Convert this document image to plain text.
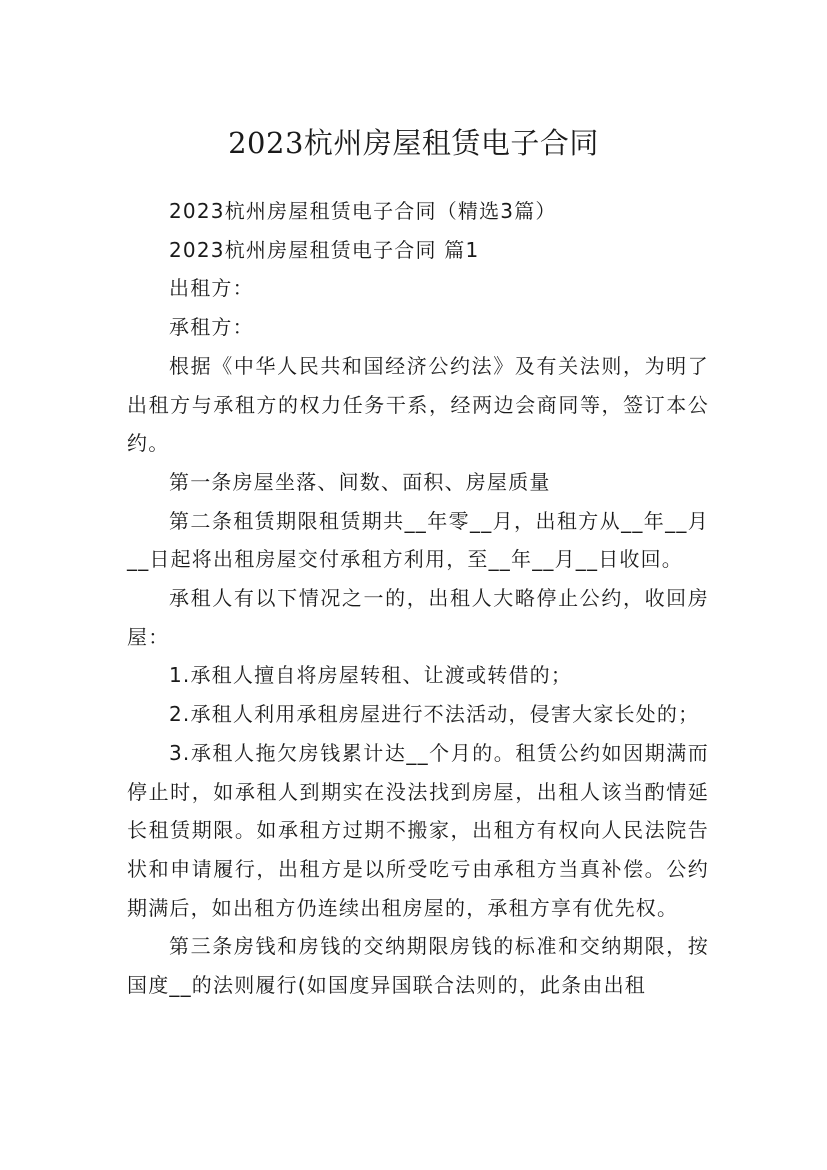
2023杭州房屋租赁电子合同

2023杭州房屋租赁电子合同（精选3篇）

2023杭州房屋租赁电子合同 篇1

出租方：

承租方：

根据《中华人民共和国经济公约法》及有关法则，为明了出租方与承租方的权力任务干系，经两边会商同等，签订本公约。

第一条房屋坐落、间数、面积、房屋质量

第二条租赁期限租赁期共__年零__月，出租方从__年__月__日起将出租房屋交付承租方利用，至__年__月__日收回。

承租人有以下情况之一的，出租人大略停止公约，收回房屋：

1.承租人擅自将房屋转租、让渡或转借的；

2.承租人利用承租房屋进行不法活动，侵害大家长处的；

3.承租人拖欠房钱累计达__个月的。租赁公约如因期满而停止时，如承租人到期实在没法找到房屋，出租人该当酌情延长租赁期限。如承租方过期不搬家，出租方有权向人民法院告状和申请履行，出租方是以所受吃亏由承租方当真补偿。公约期满后，如出租方仍连续出租房屋的，承租方享有优先权。

第三条房钱和房钱的交纳期限房钱的标准和交纳期限，按国度__的法则履行(如国度异国联合法则的，此条由出租
